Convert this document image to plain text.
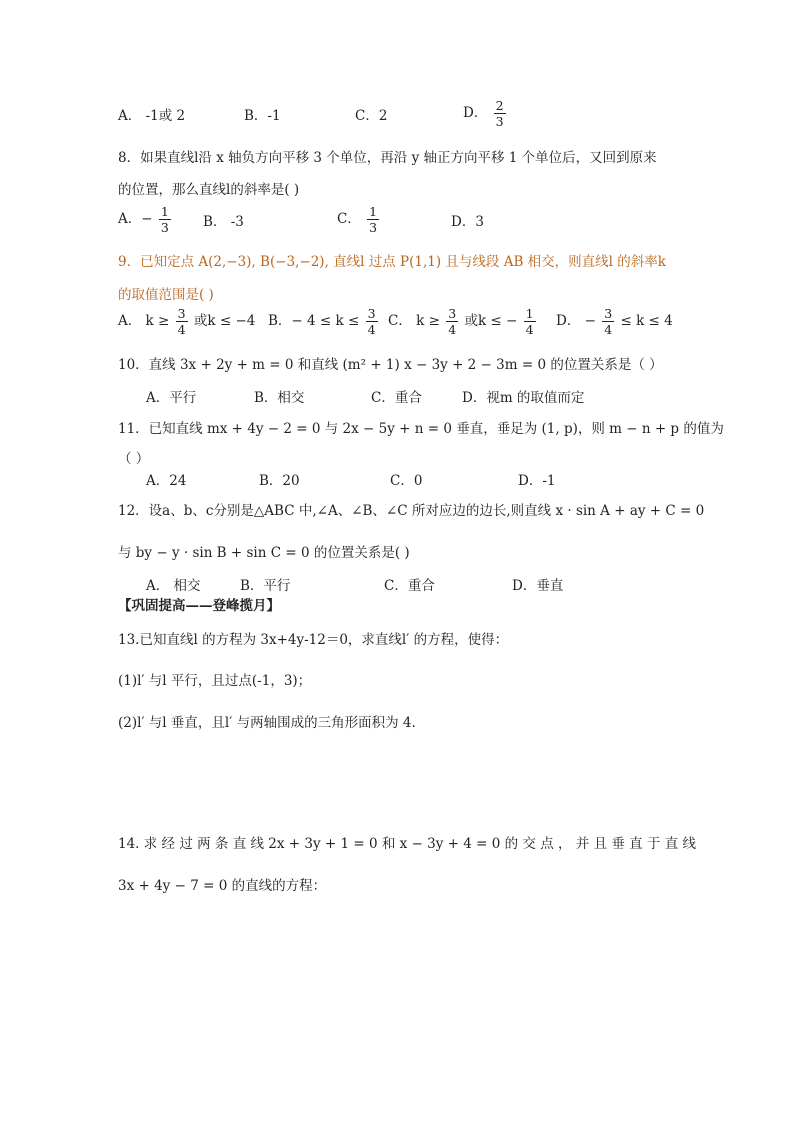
A． -1或 2	B．-1	C．2	D． $\frac{2}{3}$
8．如果直线l沿 x 轴负方向平移 3 个单位，再沿 y 轴正方向平移 1 个单位后，又回到原来
的位置，那么直线l的斜率是( )
A．− $\frac{1}{3}$ B． -3	C． $\frac{1}{3}$	D．3
9．已知定点 A(2,−3), B(−3,−2), 直线l 过点 P(1,1) 且与线段 AB 相交，则直线l 的斜率k
的取值范围是( )
A． $k \ge \frac{3}{4}$ 或k ≤ −4 B．− $4 \le k \le \frac{3}{4}$ C． $k \ge \frac{3}{4}$ 或k ≤ − $\frac{1}{4}$ D． − $\frac{3}{4} \le k \le 4$
10．直线 3x + 2y + m = 0 和直线 (m² + 1) x − 3y + 2 − 3m = 0 的位置关系是（ ）
A．平行	B．相交	C．重合	D．视m 的取值而定
11．已知直线 mx + 4y − 2 = 0 与 2x − 5y + n = 0 垂直，垂足为 (1, p)，则 m − n + p 的值为
（ ）
A．24	B．20	C．0	D．-1
12．设a、b、c分别是△ABC 中,∠A、∠B、∠C 所对应边的边长,则直线 x · sin A + ay + C = 0
与 by − y · sin B + sin C = 0 的位置关系是( )
A． 相交	B．平行	C．重合	D．垂直
【巩固提高——登峰揽月】
13.已知直线l 的方程为 3x+4y-12＝0，求直线l′ 的方程，使得：
(1)l′ 与l 平行，且过点(-1，3)；
(2)l′ 与l 垂直，且l′ 与两轴围成的三角形面积为 4.
14. 求 经 过 两 条 直 线 2x + 3y + 1 = 0 和 x − 3y + 4 = 0 的 交 点 ， 并 且 垂 直 于 直 线
3x + 4y − 7 = 0 的直线的方程：
